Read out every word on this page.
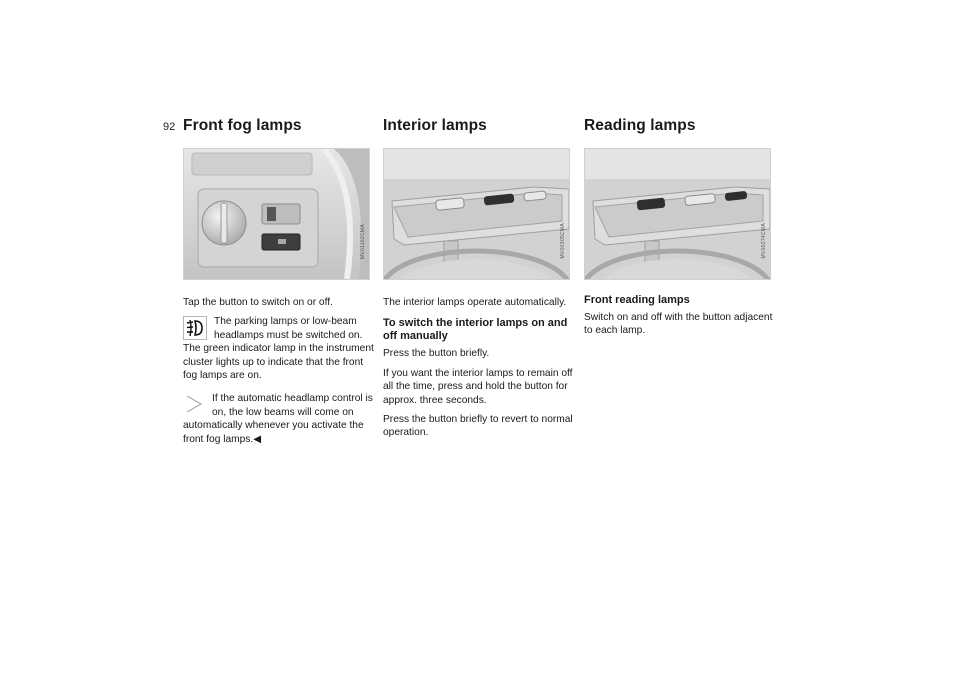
92 Front fog lamps
MV01162CMA

Tap the button to switch on or off.

The parking lamps or low-beam headlamps must be switched on. The green indicator lamp in the instrument cluster lights up to indicate that the front fog lamps are on.

If the automatic headlamp control is on, the low beams will come on automatically whenever you activate the front fog lamps.◀

Interior lamps
MV00305CMA

The interior lamps operate automatically.

To switch the interior lamps on and off manually

Press the button briefly.

If you want the interior lamps to remain off all the time, press and hold the button for approx. three seconds.

Press the button briefly to revert to normal operation.

Reading lamps
MV00274CMA
Front reading lamps

Switch on and off with the button adjacent to each lamp.
